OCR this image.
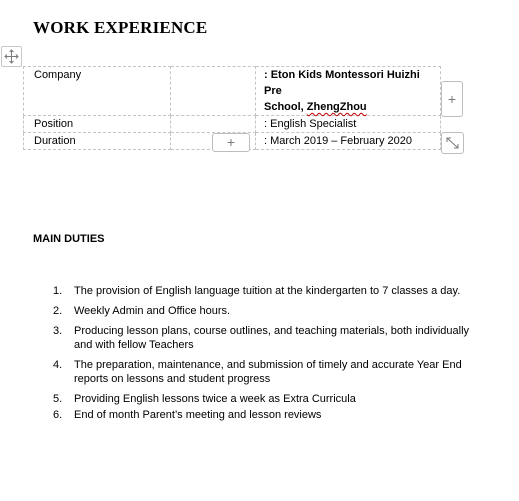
WORK EXPERIENCE
Company		: Eton Kids Montessori Huizhi Pre
School, ZhengZhou
Position		: English Specialist
Duration		: March 2019 – February 2020
+
+
MAIN DUTIES
1. The provision of English language tuition at the kindergarten to 7 classes a day.
2. Weekly Admin and Office hours.
3. Producing lesson plans, course outlines, and teaching materials, both individually and with fellow Teachers
4. The preparation, maintenance, and submission of timely and accurate Year End reports on lessons and student progress
5. Providing English lessons twice a week as Extra Curricula
6. End of month Parent’s meeting and lesson reviews
